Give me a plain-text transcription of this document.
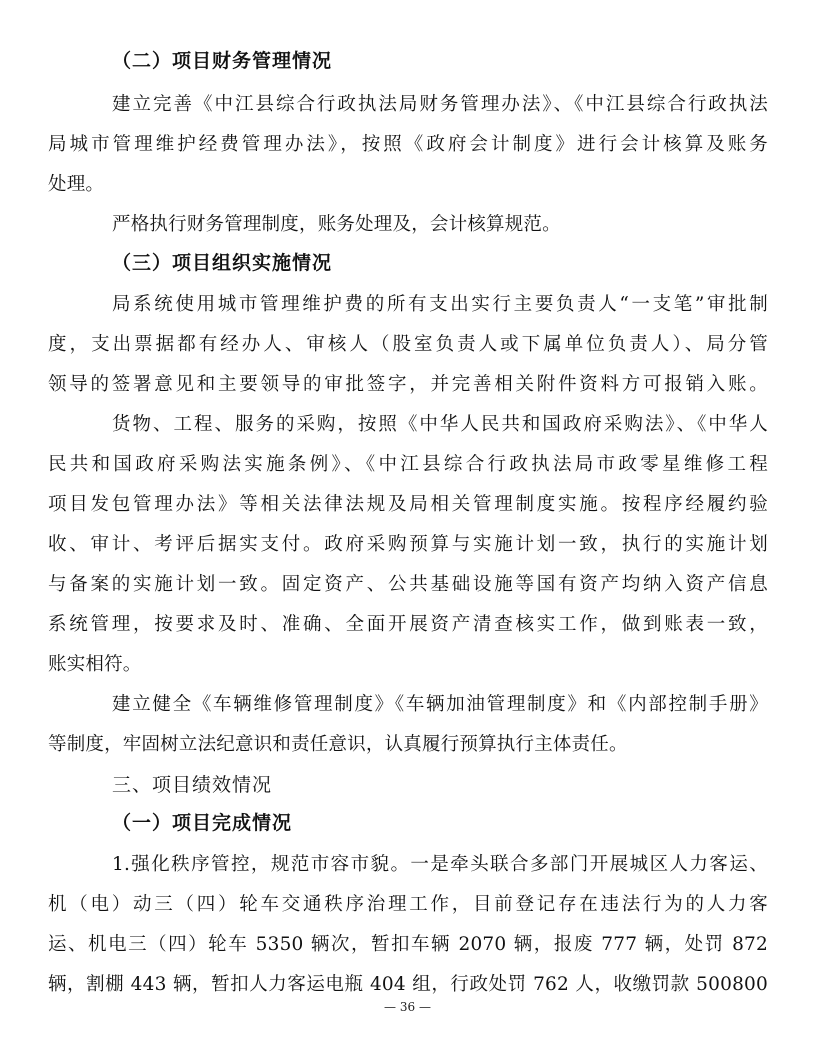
（二）项目财务管理情况
建立完善《中江县综合行政执法局财务管理办法》、《中江县综合行政执法
局城市管理维护经费管理办法》，按照《政府会计制度》进行会计核算及账务
处理。
严格执行财务管理制度，账务处理及，会计核算规范。
（三）项目组织实施情况
局系统使用城市管理维护费的所有支出实行主要负责人“一支笔”审批制
度，支出票据都有经办人、审核人（股室负责人或下属单位负责人）、局分管
领导的签署意见和主要领导的审批签字，并完善相关附件资料方可报销入账。
货物、工程、服务的采购，按照《中华人民共和国政府采购法》、《中华人
民共和国政府采购法实施条例》、《中江县综合行政执法局市政零星维修工程
项目发包管理办法》等相关法律法规及局相关管理制度实施。按程序经履约验
收、审计、考评后据实支付。政府采购预算与实施计划一致，执行的实施计划
与备案的实施计划一致。固定资产、公共基础设施等国有资产均纳入资产信息
系统管理，按要求及时、准确、全面开展资产清查核实工作，做到账表一致，
账实相符。
建立健全《车辆维修管理制度》《车辆加油管理制度》和《内部控制手册》
等制度，牢固树立法纪意识和责任意识，认真履行预算执行主体责任。
三、项目绩效情况
（一）项目完成情况
1.强化秩序管控，规范市容市貌。一是牵头联合多部门开展城区人力客运、
机（电）动三（四）轮车交通秩序治理工作，目前登记存在违法行为的人力客
运、机电三（四）轮车 5350 辆次，暂扣车辆 2070 辆，报废 777 辆，处罚 872
辆，割棚 443 辆，暂扣人力客运电瓶 404 组，行政处罚 762 人，收缴罚款 500800
— 36 —
